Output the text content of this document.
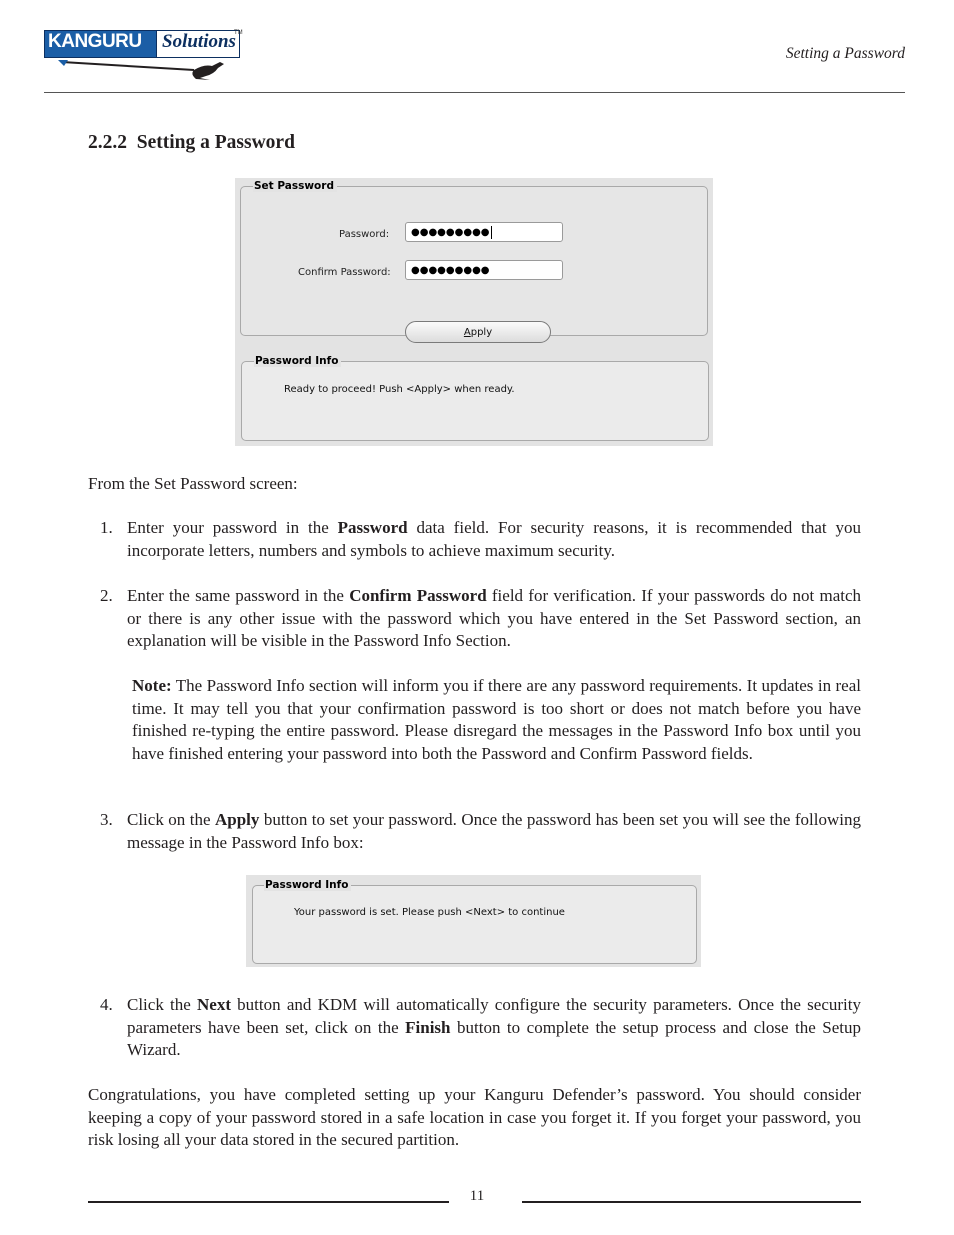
KANGURU Solutions
TM
Setting a Password
2.2.2 Setting a Password
Set Password
Password:	●●●●●●●●●
Confirm Password:	●●●●●●●●●
Apply
Password Info
Ready to proceed! Push <Apply> when ready.
From the Set Password screen:
1. Enter your password in the Password data field. For security reasons, it is recommended that you incorporate letters, numbers and symbols to achieve maximum security.
2. Enter the same password in the Confirm Password field for verification. If your passwords do not match or there is any other issue with the password which you have entered in the Set Password section, an explanation will be visible in the Password Info Section.
Note: The Password Info section will inform you if there are any password requirements. It updates in real time. It may tell you that your confirmation password is too short or does not match before you have finished re-typing the entire password. Please disregard the messages in the Password Info box until you have finished entering your password into both the Password and Confirm Password fields.
3. Click on the Apply button to set your password. Once the password has been set you will see the following message in the Password Info box:
Password Info
Your password is set. Please push <Next> to continue
4. Click the Next button and KDM will automatically configure the security parameters. Once the security parameters have been set, click on the Finish button to complete the setup process and close the Setup Wizard.
Congratulations, you have completed setting up your Kanguru Defender’s password. You should consider keeping a copy of your password stored in a safe location in case you forget it. If you forget your password, you risk losing all your data stored in the secured partition.
11
